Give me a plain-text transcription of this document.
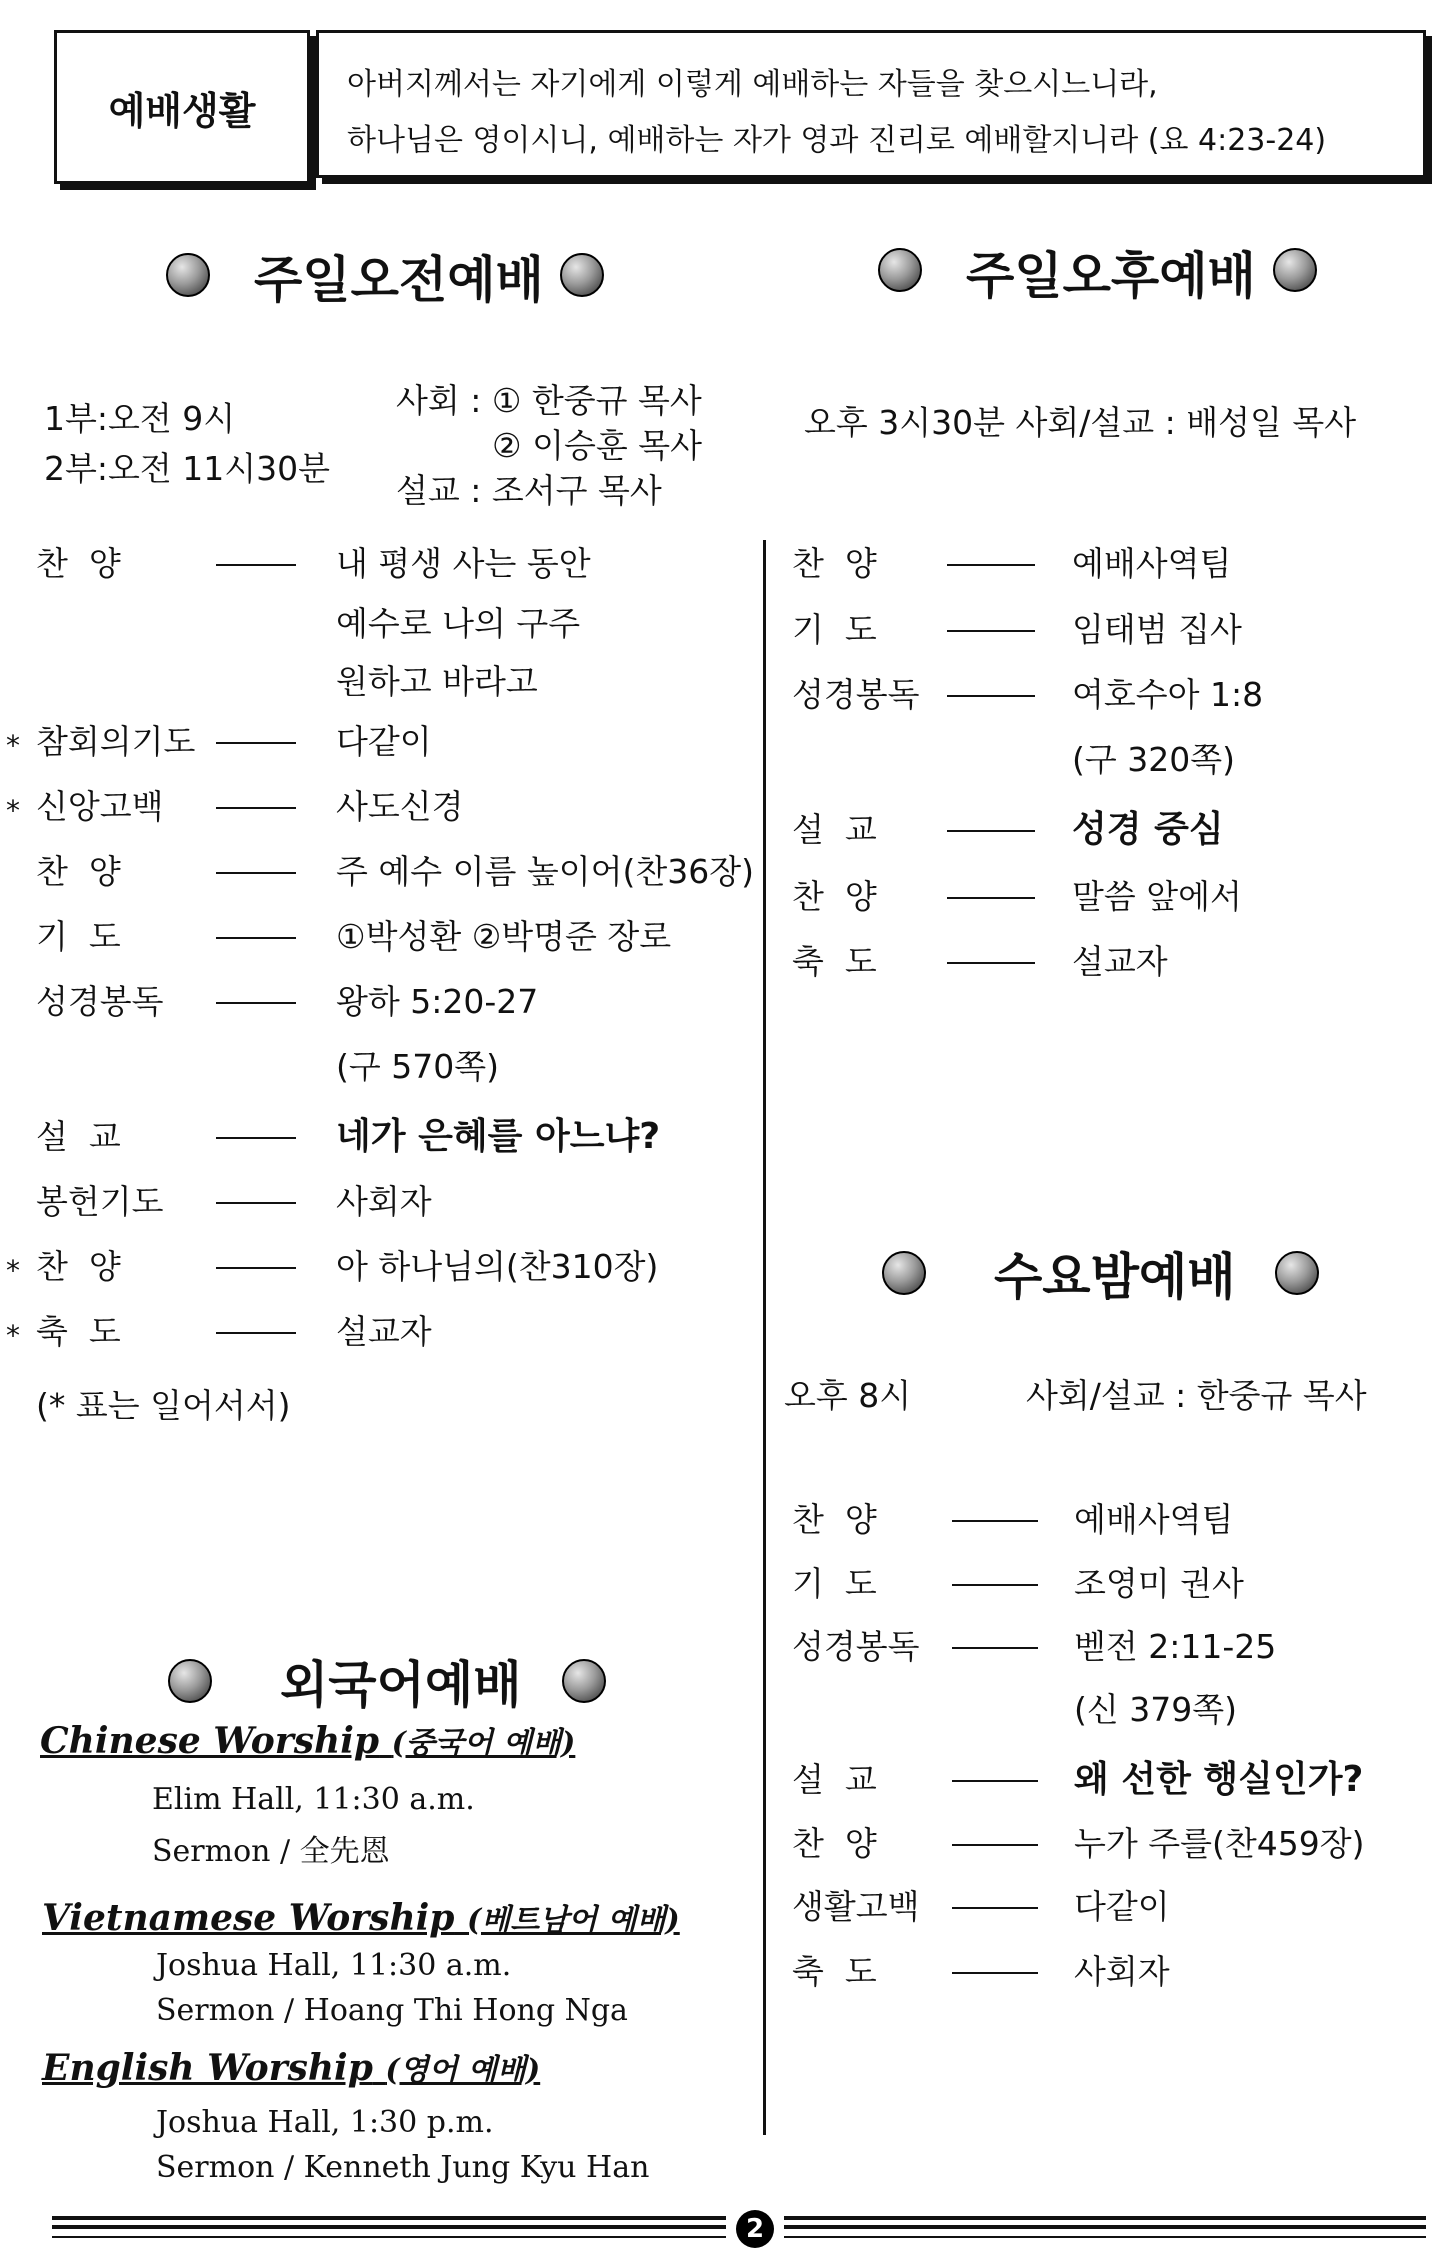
예배생활
아버지께서는 자기에게 이렇게 예배하는 자들을 찾으시느니라,
하나님은 영이시니, 예배하는 자가 영과 진리로 예배할지니라 (요 4:23-24)
주일오전예배
1부:오전 9시
2부:오전 11시30분
사회 : ① 한중규 목사
② 이승훈 목사
설교 : 조서구 목사
찬  양	내 평생 사는 동안
예수로 나의 구주
원하고 바라고
* 참회의기도	다같이
* 신앙고백	사도신경
찬  양	주 예수 이름 높이어(찬36장)
기  도	①박성환 ②박명준 장로
성경봉독	왕하 5:20-27
(구 570쪽)
설  교	네가 은혜를 아느냐?
봉헌기도	사회자
* 찬  양	아 하나님의(찬310장)
* 축  도	설교자
(* 표는 일어서서)
주일오후예배
오후 3시30분 사회/설교 : 배성일 목사
찬  양	예배사역팀
기  도	임태범 집사
성경봉독	여호수아 1:8
(구 320쪽)
설  교	성경 중심
찬  양	말씀 앞에서
축  도	설교자
수요밤예배
오후 8시	사회/설교 : 한중규 목사
찬  양	예배사역팀
기  도	조영미 권사
성경봉독	벧전 2:11-25
(신 379쪽)
설  교	왜 선한 행실인가?
찬  양	누가 주를(찬459장)
생활고백	다같이
축  도	사회자
외국어예배
Chinese Worship (중국어 예배)
Elim Hall, 11:30 a.m.
Sermon / 全先恩
Vietnamese Worship (베트남어 예배)
Joshua Hall, 11:30 a.m.
Sermon / Hoang Thi Hong Nga
English Worship (영어 예배)
Joshua Hall, 1:30 p.m.
Sermon / Kenneth Jung Kyu Han
2
